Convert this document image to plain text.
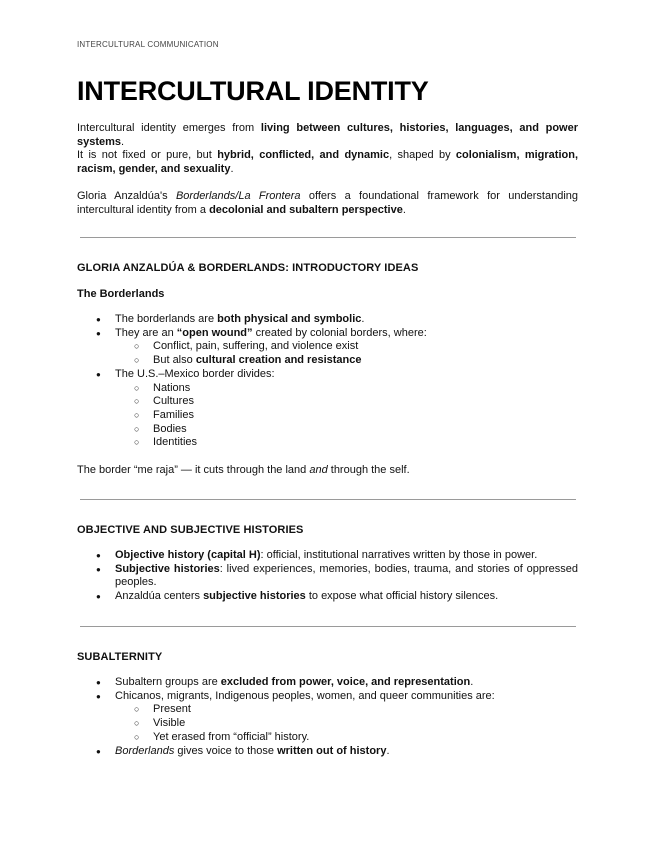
INTERCULTURAL COMMUNICATION
INTERCULTURAL IDENTITY

Intercultural identity emerges from living between cultures, histories, languages, and power systems.

It is not fixed or pure, but hybrid, conflicted, and dynamic, shaped by colonialism, migration, racism, gender, and sexuality.

Gloria Anzaldúa's Borderlands/La Frontera offers a foundational framework for understanding intercultural identity from a decolonial and subaltern perspective.

GLORIA ANZALDÚA & BORDERLANDS: INTRODUCTORY IDEAS
The Borderlands
● The borderlands are both physical and symbolic.
● They are an “open wound” created by colonial borders, where:
○ Conflict, pain, suffering, and violence exist
○ But also cultural creation and resistance
● The U.S.–Mexico border divides:
○ Nations
○ Cultures
○ Families
○ Bodies
○ Identities

The border “me raja” — it cuts through the land and through the self.

OBJECTIVE AND SUBJECTIVE HISTORIES
● Objective history (capital H): official, institutional narratives written by those in power.
● Subjective histories: lived experiences, memories, bodies, trauma, and stories of oppressed peoples.
● Anzaldúa centers subjective histories to expose what official history silences.
SUBALTERNITY
● Subaltern groups are excluded from power, voice, and representation.
● Chicanos, migrants, Indigenous peoples, women, and queer communities are:
○ Present
○ Visible
○ Yet erased from “official” history.
● Borderlands gives voice to those written out of history.
